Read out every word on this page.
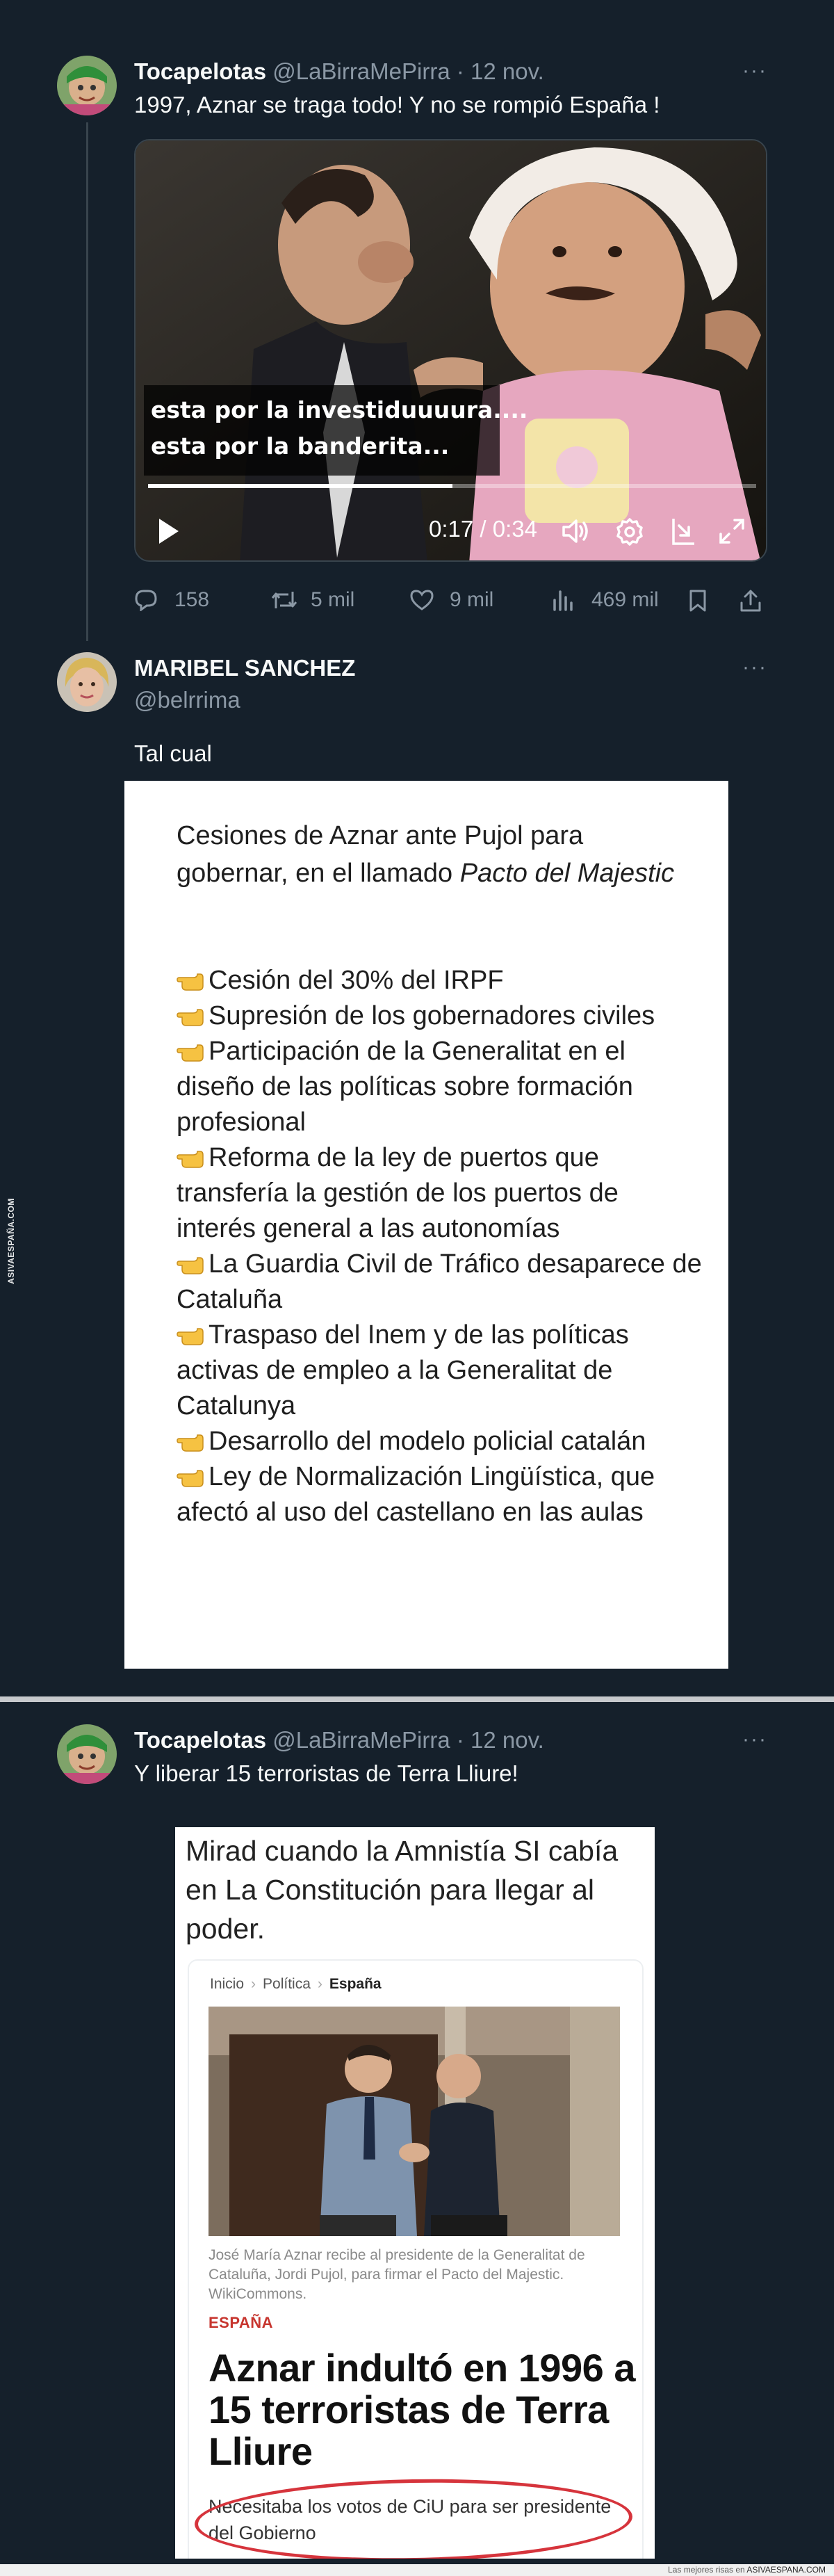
Tocapelotas @LaBirraMePirra · 12 nov.	···
1997, Aznar se traga todo! Y no se rompió España !
esta por la investiduuuura....
esta por la banderita...
0:17 / 0:34
158	5 mil	9 mil	469 mil
MARIBEL SANCHEZ
@belrrima
···
Tal cual
Cesiones de Aznar ante Pujol para gobernar, en el llamado Pacto del Majestic
Cesión del 30% del IRPF
Supresión de los gobernadores civiles
Participación de la Generalitat en el diseño de las políticas sobre formación profesional
Reforma de la ley de puertos que transfería la gestión de los puertos de interés general a las autonomías
La Guardia Civil de Tráfico desaparece de Cataluña
Traspaso del Inem y de las políticas activas de empleo a la Generalitat de Catalunya
Desarrollo del modelo policial catalán
Ley de Normalización Lingüística, que afectó al uso del castellano en las aulas
ASIVAESPAÑA.COM
Tocapelotas @LaBirraMePirra · 12 nov.	···
Y liberar 15 terroristas de Terra Lliure!
Mirad cuando la Amnistía SI cabía en La Constitución para llegar al poder.
Inicio › Política › España
José María Aznar recibe al presidente de la Generalitat de Cataluña, Jordi Pujol, para firmar el Pacto del Majestic. WikiCommons.
ESPAÑA
Aznar indultó en 1996 a 15 terroristas de Terra Lliure
Necesitaba los votos de CiU para ser presidente del Gobierno
Las mejores risas en ASIVAESPANA.COM
